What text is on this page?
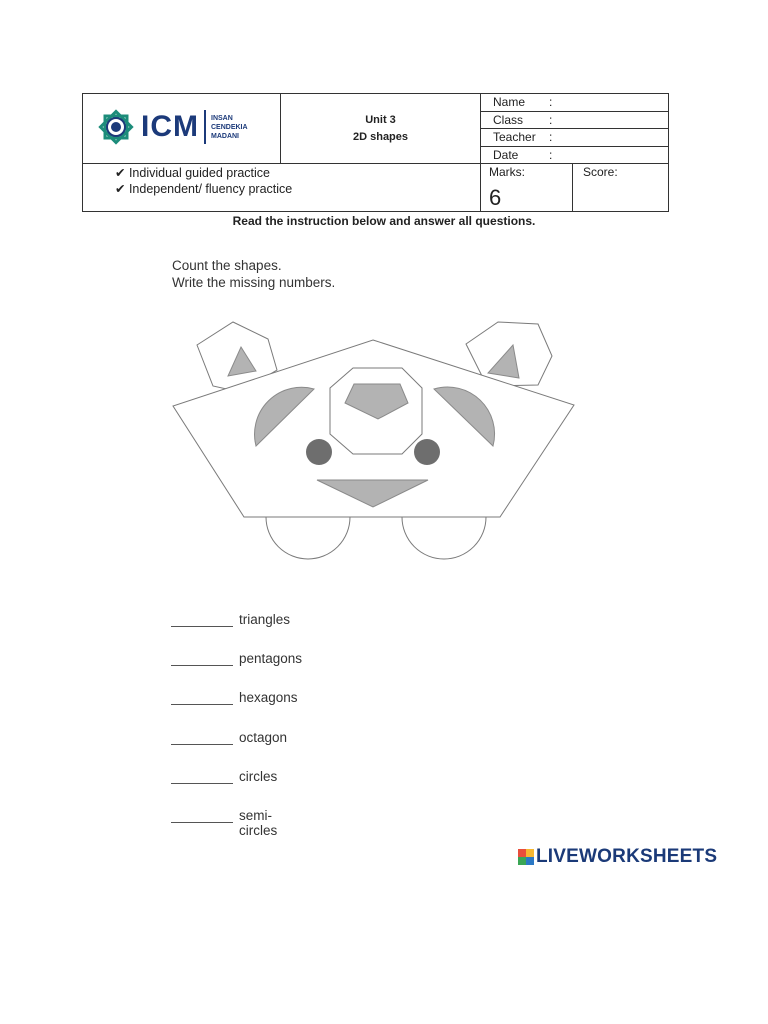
ICM INSAN
CENDEKIA
MADANI
Unit 3
2D shapes
Name :
Class :
Teacher :
Date	:
✔ Individual guided practice
✔ Independent/ fluency practice
Marks:
6
Score:
Read the instruction below and answer all questions.
Count the shapes.
Write the missing numbers.
triangles
pentagons
hexagons
octagon
circles
semi-circles
LIVEWORKSHEETS
